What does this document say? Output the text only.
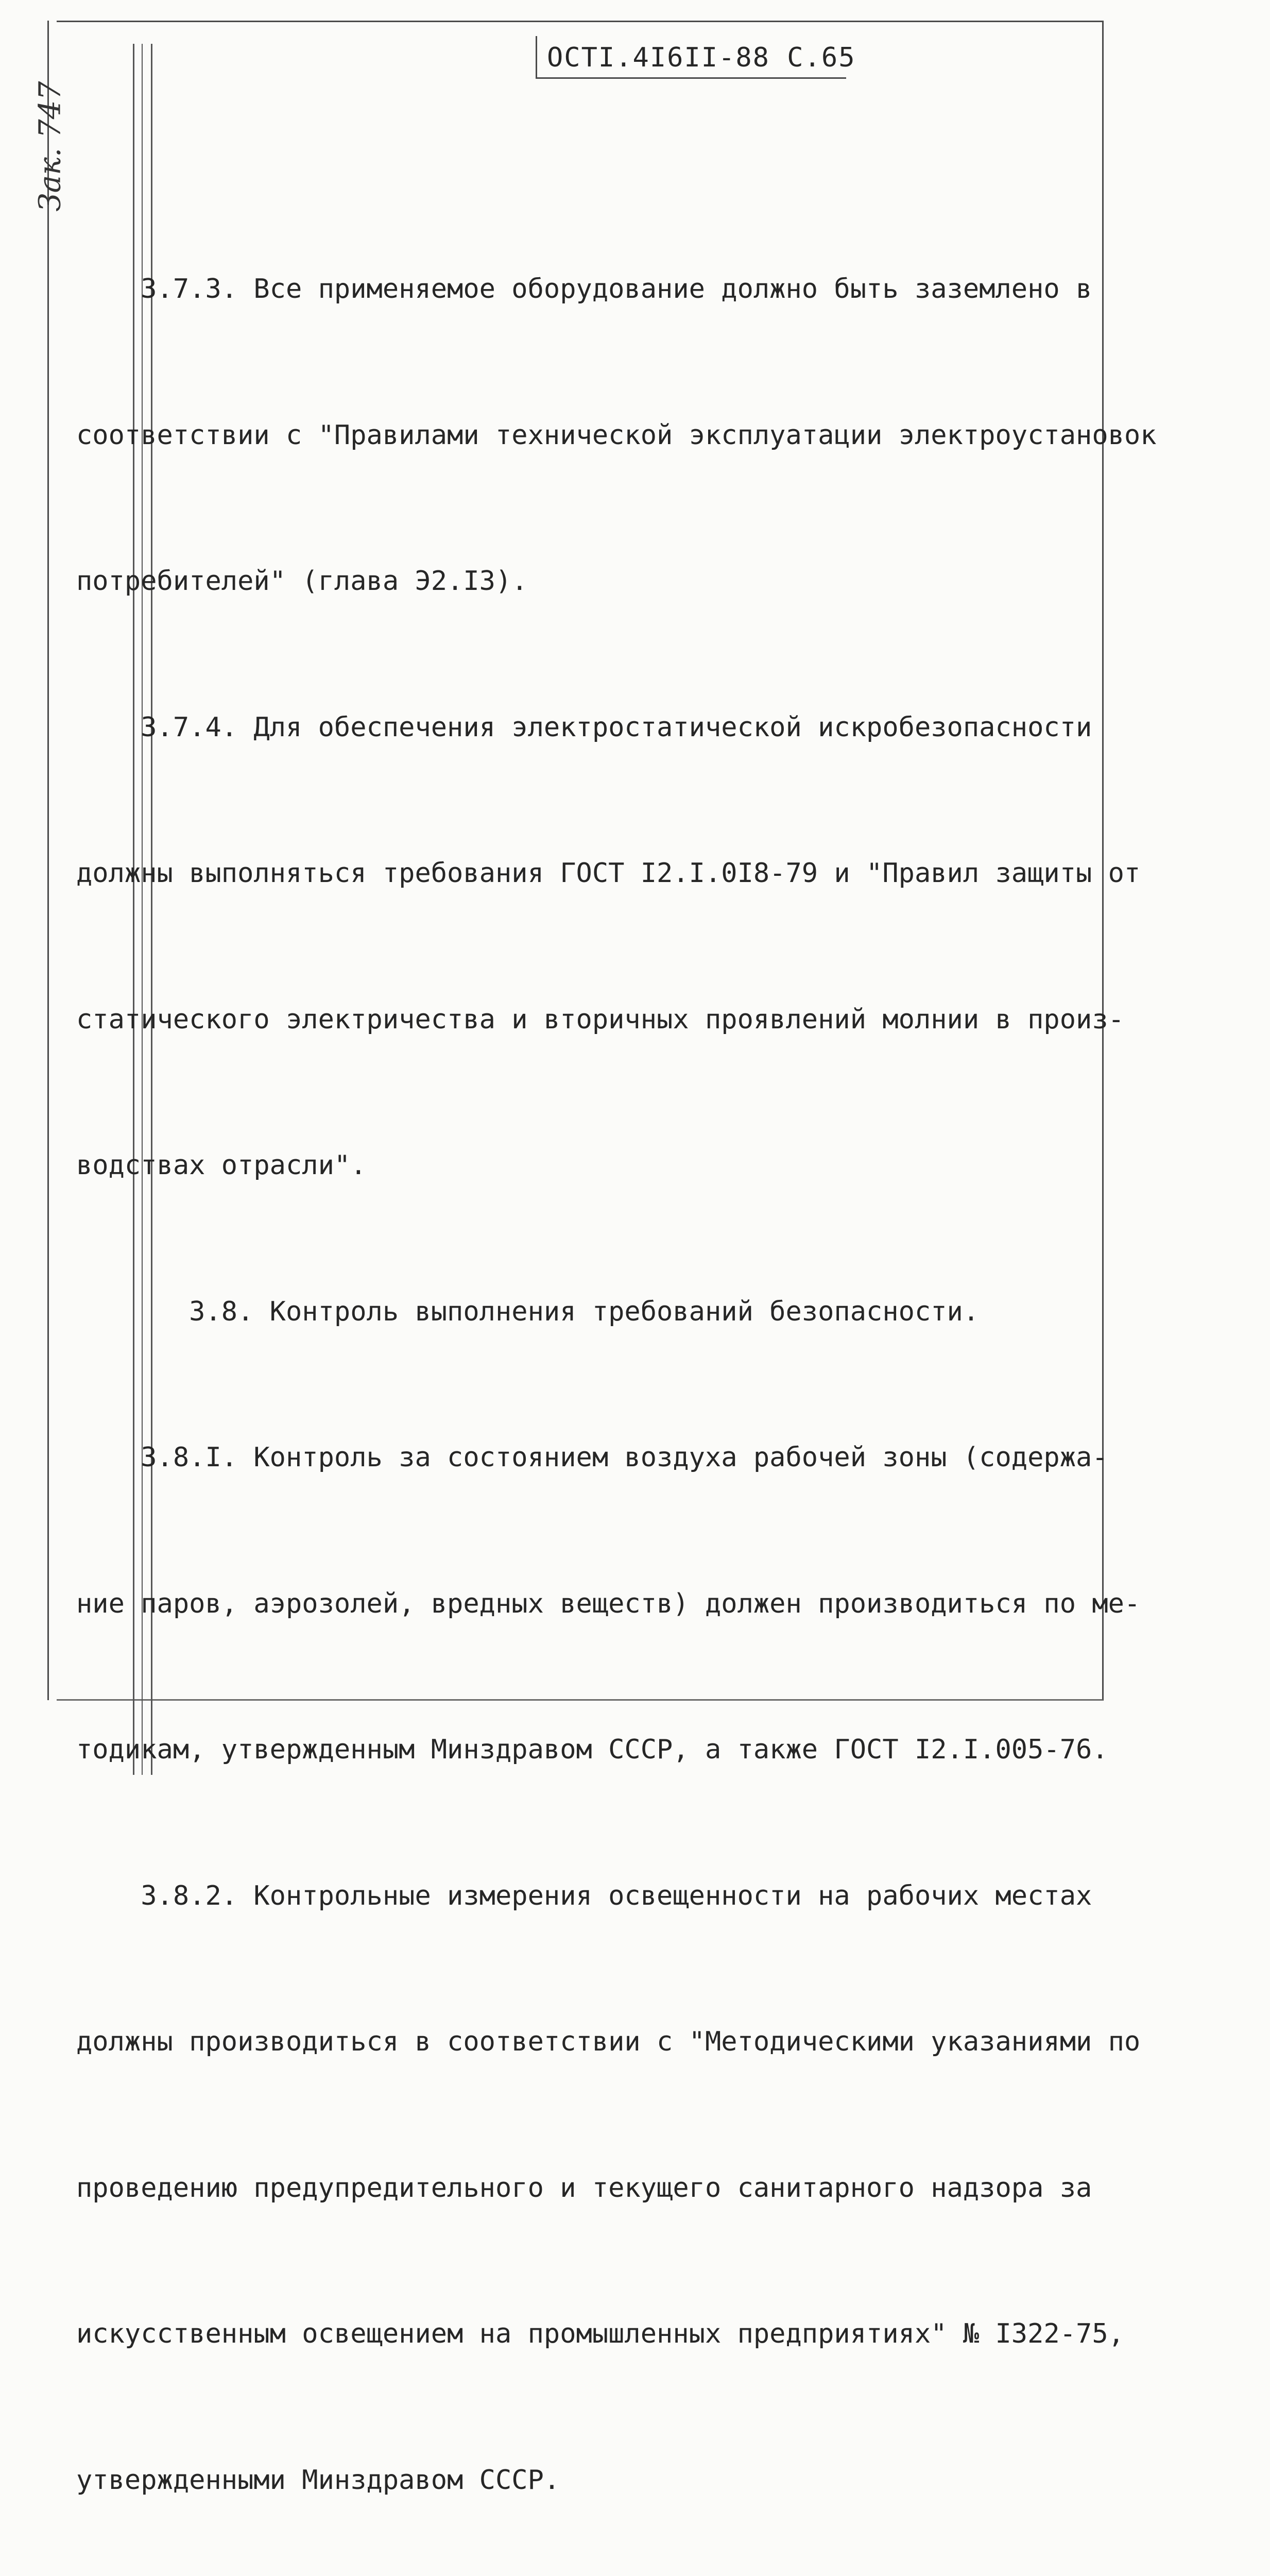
ОСТI.4I6II-88 С.65
Зак. 747

3.7.3. Все применяемое оборудование должно быть заземлено в

соответствии с "Правилами технической эксплуатации электроустановок

потребителей" (глава Э2.I3).

3.7.4. Для обеспечения электростатической искробезопасности

должны выполняться требования ГОСТ I2.I.0I8-79 и "Правил защиты от

статического электричества и вторичных проявлений молнии в произ-

водствах отрасли".

3.8. Контроль выполнения требований безопасности.

3.8.I. Контроль за состоянием воздуха рабочей зоны (содержа-

ние паров, аэрозолей, вредных веществ) должен производиться по ме-

тодикам, утвержденным Минздравом СССР, а также ГОСТ I2.I.005-76.

3.8.2. Контрольные измерения освещенности на рабочих местах

должны производиться в соответствии с "Методическими указаниями по

проведению предупредительного и текущего санитарного надзора за

искусственным освещением на промышленных предприятиях" № I322-75,

утвержденными Минздравом СССР.
